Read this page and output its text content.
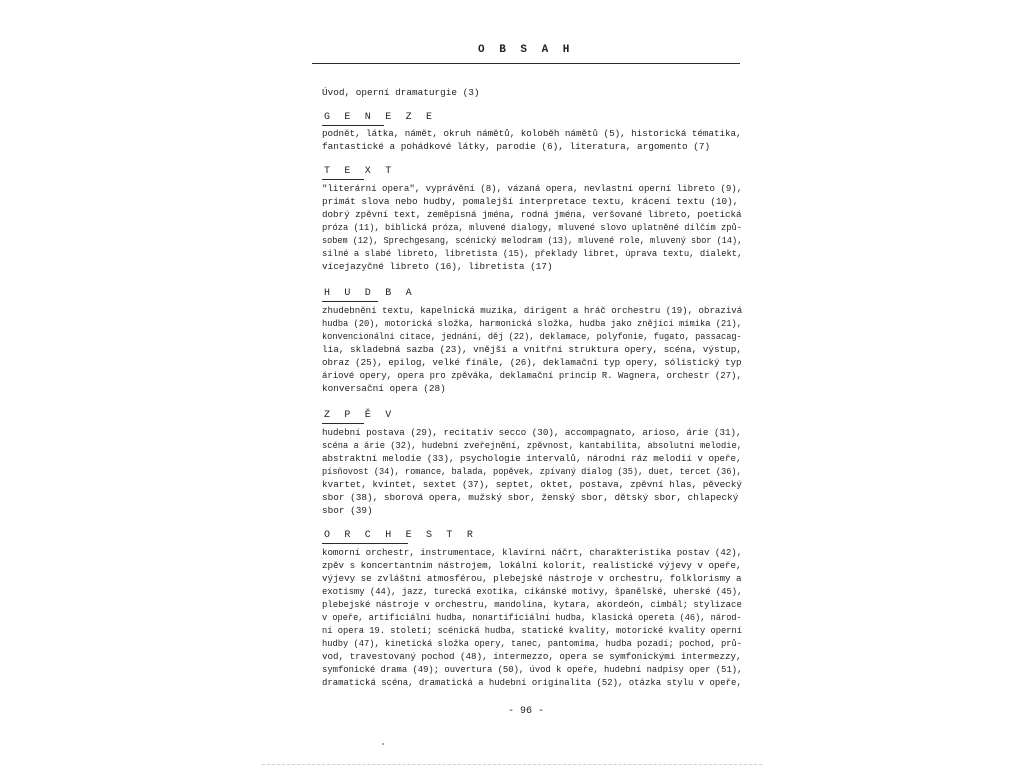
O B S A H
Úvod, operní dramaturgie (3)
G E N E Z E
podnět, látka, námět, okruh námětů, koloběh námětů (5), historická tématika,
fantastické a pohádkové látky, parodie (6), literatura, argomento (7)
T E X T
"literární opera", vyprávění (8), vázaná opera, nevlastní operní libreto (9),
primát slova nebo hudby, pomalejší interpretace textu, krácení textu (10),
dobrý zpěvní text, zeměpisná jména, rodná jména, veršované libreto, poetická
próza (11), biblická próza, mluvené dialogy, mluvené slovo uplatněné dílčím způ-
sobem (12), Sprechgesang, scénický melodram (13), mluvené role, mluvený sbor (14),
silné a slabé libreto, libretista (15), překlady libret, úprava textu, dialekt,
vícejazyčné libreto (16), libretista (17)
H U D B A
zhudebnění textu, kapelnická muzika, dirigent a hráč orchestru (19), obrazivá
hudba (20), motorická složka, harmonická složka, hudba jako znějící mimika (21),
konvencionální citace, jednání, děj (22), deklamace, polyfonie, fugato, passacag-
lia, skladebná sazba (23), vnější a vnitřní struktura opery, scéna, výstup,
obraz (25), epilog, velké finále, (26), deklamační typ opery, sólistický typ
áriové opery, opera pro zpěváka, deklamační princip R. Wagnera, orchestr (27),
konversační opera (28)
Z P Ě V
hudební postava (29), recitativ secco (30), accompagnato, arioso, árie (31),
scéna a árie (32), hudební zveřejnění, zpěvnost, kantabilita, absolutní melodie,
abstraktní melodie (33), psychologie intervalů, národní ráz melodií v opeře,
písňovost (34), romance, balada, popěvek, zpívaný dialog (35), duet, tercet (36),
kvartet, kvintet, sextet (37), septet, oktet, postava, zpěvní hlas, pěvecký
sbor (38), sborová opera, mužský sbor, ženský sbor, dětský sbor, chlapecký
sbor (39)
O R C H E S T R
komorní orchestr, instrumentace, klavírní náčrt, charakteristika postav (42),
zpěv s koncertantním nástrojem, lokální kolorit, realistické výjevy v opeře,
výjevy se zvláštní atmosférou, plebejské nástroje v orchestru, folklorismy a
exotismy (44), jazz, turecká exotika, cikánské motivy, španělské, uherské (45),
plebejské nástroje v orchestru, mandolína, kytara, akordeón, cimbál; stylizace
v opeře, artificiální hudba, nonartificiální hudba, klasická opereta (46), národ-
ní opera 19. století; scénická hudba, statické kvality, motorické kvality operní
hudby (47), kinetická složka opery, tanec, pantomima, hudba pozadí; pochod, prů-
vod, travestovaný pochod (48), intermezzo, opera se symfonickými intermezzy,
symfonické drama (49); ouvertura (50), úvod k opeře, hudební nadpisy oper (51),
dramatická scéna, dramatická a hudební originalita (52), otázka stylu v opeře,
- 96 -
